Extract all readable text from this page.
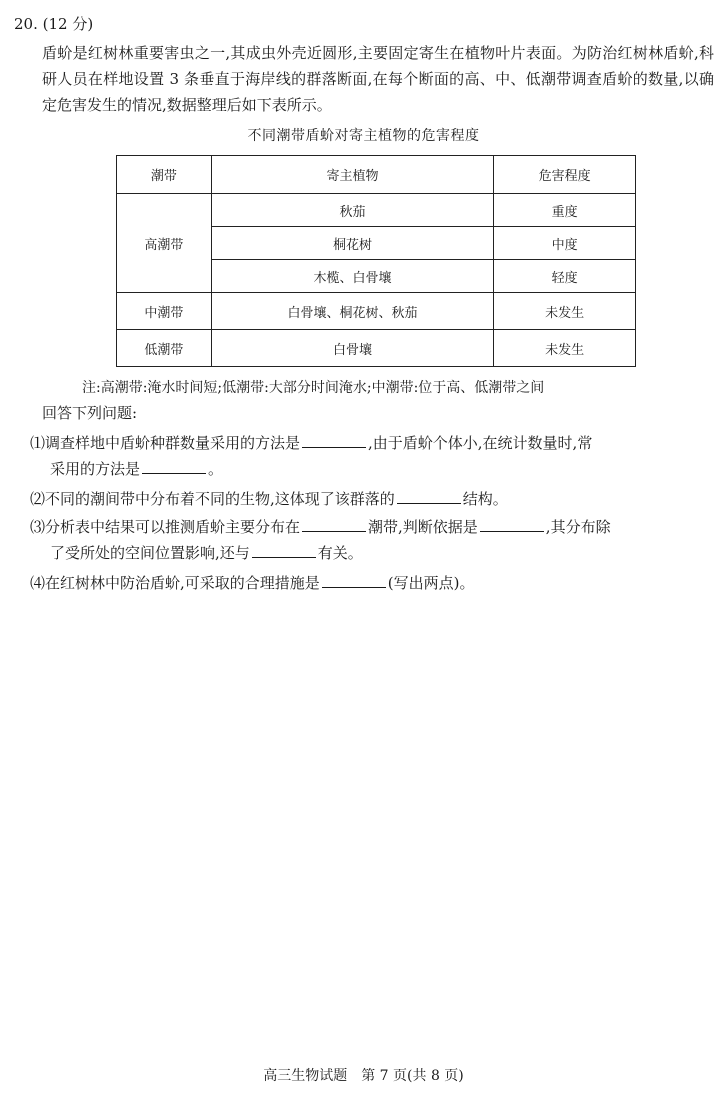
20. (12 分)

盾蚧是红树林重要害虫之一,其成虫外壳近圆形,主要固定寄生在植物叶片表面。为防治红树林盾蚧,科研人员在样地设置 3 条垂直于海岸线的群落断面,在每个断面的高、中、低潮带调查盾蚧的数量,以确定危害发生的情况,数据整理后如下表所示。

不同潮带盾蚧对寄主植物的危害程度
潮带	寄主植物	危害程度
高潮带	秋茄	重度
	桐花树	中度
	木榄、白骨壤	轻度
中潮带	白骨壤、桐花树、秋茄	未发生
低潮带	白骨壤	未发生
注:高潮带:淹水时间短;低潮带:大部分时间淹水;中潮带:位于高、低潮带之间
回答下列问题:
⑴调查样地中盾蚧种群数量采用的方法是	,由于盾蚧个体小,在统计数量时,常
采用的方法是	。
⑵不同的潮间带中分布着不同的生物,这体现了该群落的	结构。
⑶分析表中结果可以推测盾蚧主要分布在	潮带,判断依据是	,其分布除
了受所处的空间位置影响,还与	有关。
⑷在红树林中防治盾蚧,可采取的合理措施是	(写出两点)。
高三生物试题　第 7 页(共 8 页)
